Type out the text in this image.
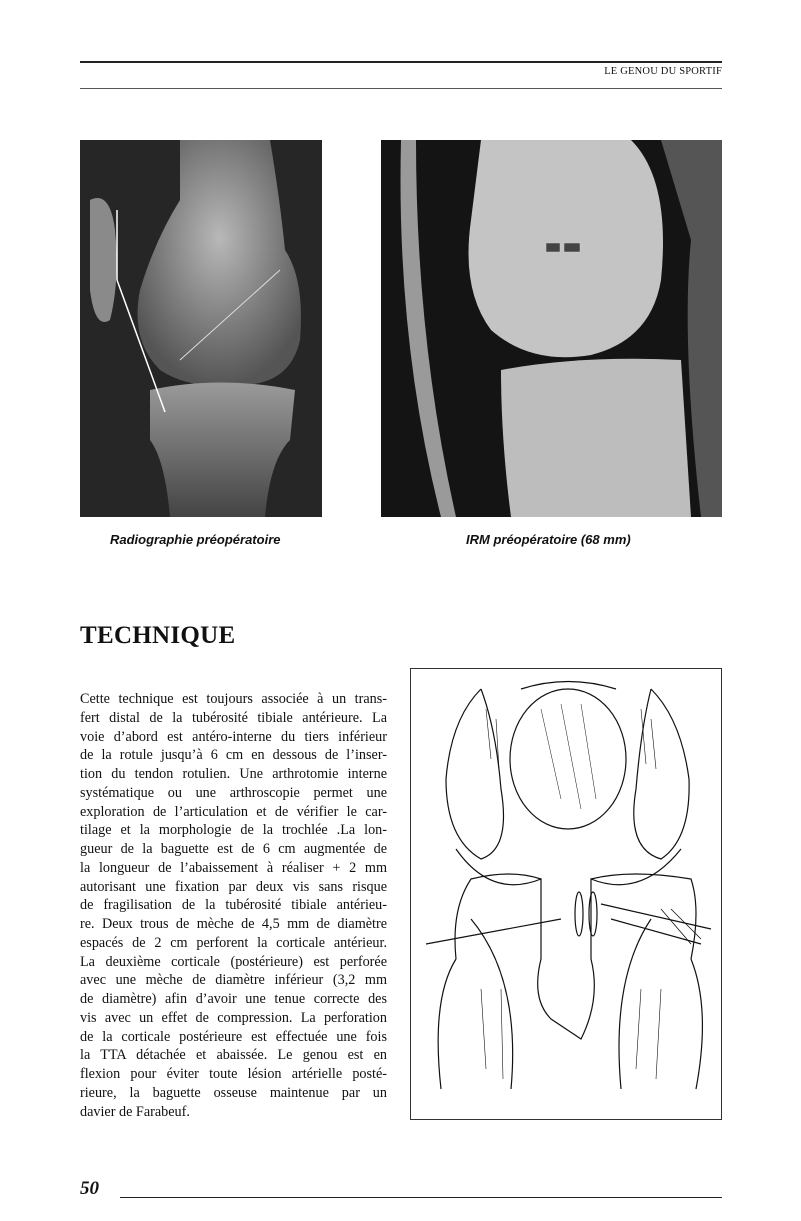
LE GENOU DU SPORTIF
Radiographie préopératoire	IRM préopératoire (68 mm)
TECHNIQUE
Cette technique est toujours associée à un trans-
fert distal de la tubérosité tibiale antérieure. La
voie d’abord est antéro-interne du tiers inférieur
de la rotule jusqu’à 6 cm en dessous de l’inser-
tion du tendon rotulien. Une arthrotomie interne
systématique ou une arthroscopie permet une
exploration de l’articulation et de vérifier le car-
tilage et la morphologie de la trochlée .La lon-
gueur de la baguette est de 6 cm augmentée de
la longueur de l’abaissement à réaliser + 2 mm
autorisant une fixation par deux vis sans risque
de fragilisation de la tubérosité tibiale antérieu-
re. Deux trous de mèche de 4,5 mm de diamètre
espacés de 2 cm perforent la corticale antérieur.
La deuxième corticale (postérieure) est perforée
avec une mèche de diamètre inférieur (3,2 mm
de diamètre) afin d’avoir une tenue correcte des
vis avec un effet de compression. La perforation
de la corticale postérieure est effectuée une fois
la TTA détachée et abaissée. Le genou est en
flexion pour éviter toute lésion artérielle posté-
rieure, la baguette osseuse maintenue par un
davier de Farabeuf.
50
